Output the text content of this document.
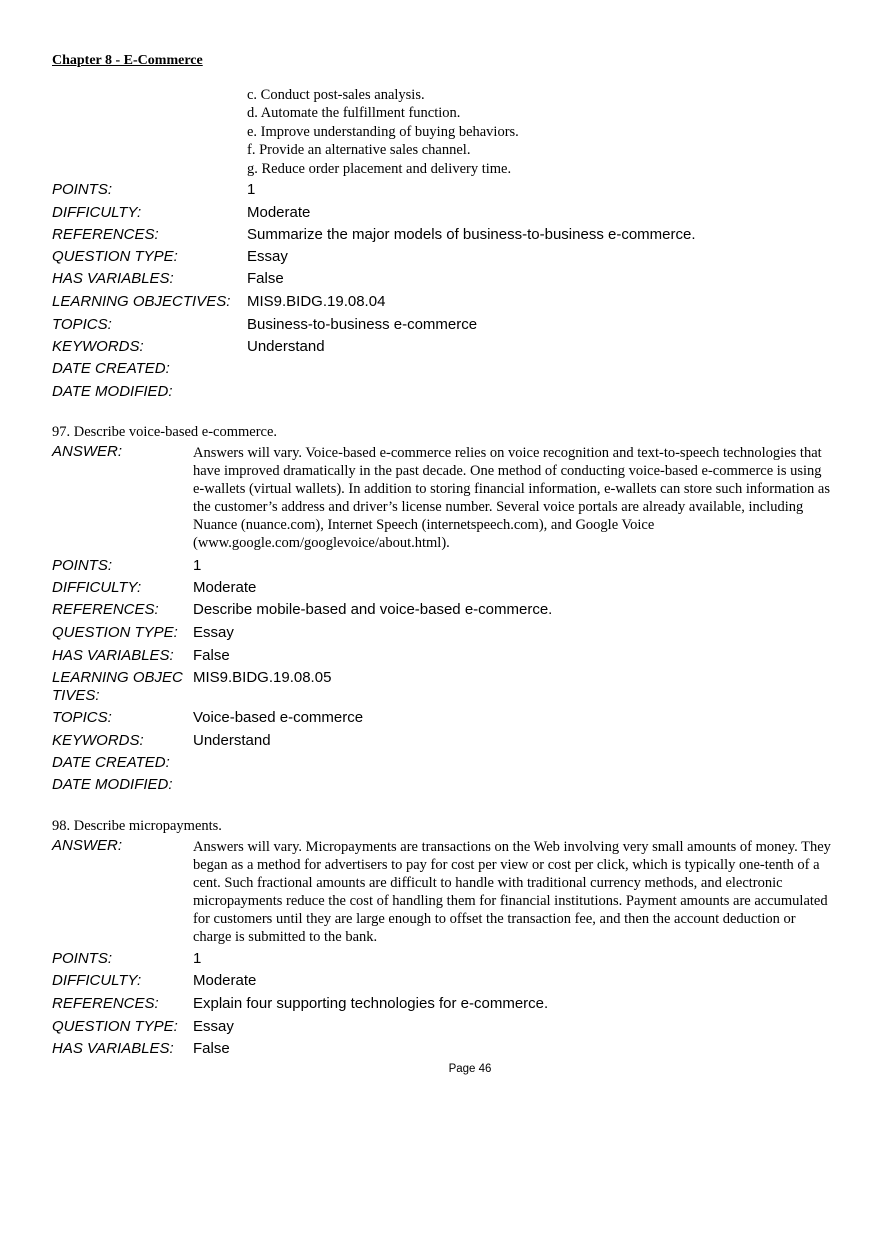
Chapter 8 - E-Commerce
c. Conduct post-sales analysis.
d. Automate the fulfillment function.
e. Improve understanding of buying behaviors.
f. Provide an alternative sales channel.
g. Reduce order placement and delivery time.
POINTS:	1
DIFFICULTY:	Moderate
REFERENCES:	Summarize the major models of business-to-business e-commerce.
QUESTION TYPE:	Essay
HAS VARIABLES:	False
LEARNING OBJECTIVES: MIS9.BIDG.19.08.04
TOPICS:	Business-to-business e-commerce
KEYWORDS:	Understand
DATE CREATED:
DATE MODIFIED:
97. Describe voice-based e-commerce.
ANSWER:	Answers will vary. Voice-based e-commerce relies on voice recognition and text-to-speech technologies that have improved dramatically in the past decade. One method of conducting voice-based e-commerce is using e-wallets (virtual wallets). In addition to storing financial information, e-wallets can store such information as the customer’s address and driver’s license number. Several voice portals are already available, including Nuance (nuance.com), Internet Speech (internetspeech.com), and Google Voice (www.google.com/googlevoice/about.html).
POINTS:	1
DIFFICULTY:	Moderate
REFERENCES: Describe mobile-based and voice-based e-commerce.
QUESTION TYPE: Essay
HAS VARIABLES: False
LEARNING OBJECTIVES:
MIS9.BIDG.19.08.05
TOPICS:	Voice-based e-commerce
KEYWORDS:	Understand
DATE CREATED:
DATE MODIFIED:
98. Describe micropayments.
ANSWER:	Answers will vary. Micropayments are transactions on the Web involving very small amounts of money. They began as a method for advertisers to pay for cost per view or cost per click, which is typically one-tenth of a cent. Such fractional amounts are difficult to handle with traditional currency methods, and electronic micropayments reduce the cost of handling them for financial institutions. Payment amounts are accumulated for customers until they are large enough to offset the transaction fee, and then the account deduction or charge is submitted to the bank.
POINTS:	1
DIFFICULTY:	Moderate
REFERENCES: Explain four supporting technologies for e-commerce.
QUESTION TYPE: Essay
HAS VARIABLES: False
Page 46
